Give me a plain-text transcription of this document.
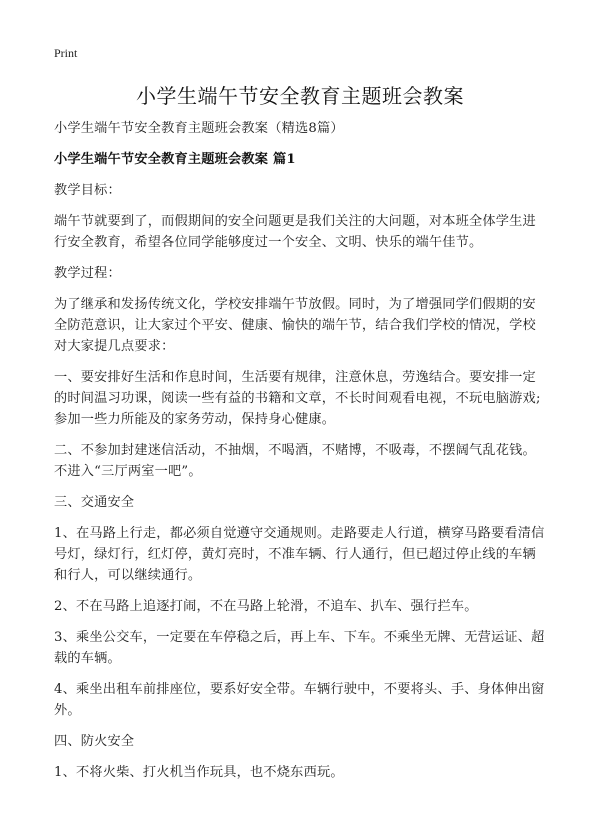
Print
小学生端午节安全教育主题班会教案

小学生端午节安全教育主题班会教案（精选8篇）

小学生端午节安全教育主题班会教案 篇1

教学目标：

端午节就要到了，而假期间的安全问题更是我们关注的大问题，对本班全体学生进行安全教育，希望各位同学能够度过一个安全、文明、快乐的端午佳节。

教学过程：

为了继承和发扬传统文化，学校安排端午节放假。同时，为了增强同学们假期的安全防范意识，让大家过个平安、健康、愉快的端午节，结合我们学校的情况，学校对大家提几点要求：

一、要安排好生活和作息时间，生活要有规律，注意休息，劳逸结合。要安排一定的时间温习功课，阅读一些有益的书籍和文章，不长时间观看电视，不玩电脑游戏;参加一些力所能及的家务劳动，保持身心健康。

二、不参加封建迷信活动，不抽烟，不喝酒，不赌博，不吸毒，不摆阔气乱花钱。不进入“三厅两室一吧”。

三、交通安全

1、在马路上行走，都必须自觉遵守交通规则。走路要走人行道，横穿马路要看清信号灯，绿灯行，红灯停，黄灯亮时，不准车辆、行人通行，但已超过停止线的车辆和行人，可以继续通行。

2、不在马路上追逐打闹，不在马路上轮滑，不追车、扒车、强行拦车。

3、乘坐公交车，一定要在车停稳之后，再上车、下车。不乘坐无牌、无营运证、超载的车辆。

4、乘坐出租车前排座位，要系好安全带。车辆行驶中，不要将头、手、身体伸出窗外。

四、防火安全

1、不将火柴、打火机当作玩具，也不烧东西玩。
